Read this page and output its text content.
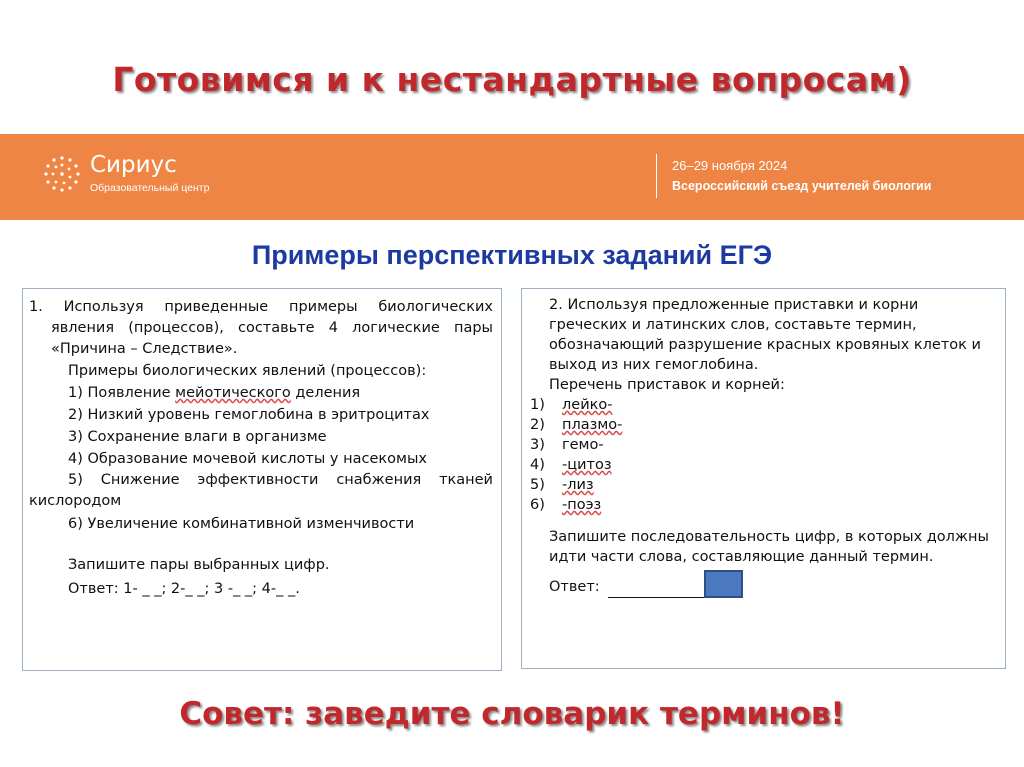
Готовимся и к нестандартные вопросам)
Сириус
Образовательный центр
26–29 ноября 2024
Всероссийский съезд учителей биологии
Примеры перспективных заданий ЕГЭ
1. Используя приведенные примеры биологических
явления (процессов), составьте 4 логические пары
«Причина – Следствие».
Примеры биологических явлений (процессов):
1) Появление мейотического деления
2) Низкий уровень гемоглобина в эритроцитах
3) Сохранение влаги в организме
4) Образование мочевой кислоты у насекомых
5) Снижение эффективности снабжения тканей
кислородом
6) Увеличение комбинативной изменчивости
Запишите пары выбранных цифр.
Ответ: 1- _ _; 2-_ _; 3 -_ _; 4-_ _.
2. Используя предложенные приставки и корни
греческих и латинских слов, составьте термин,
обозначающий разрушение красных кровяных клеток и
выход из них гемоглобина.
Перечень приставок и корней:
1) лейко-
2) плазмо-
3) гемо-
4) -цитоз
5) -лиз
6) -поэз
Запишите последовательность цифр, в которых должны
идти части слова, составляющие данный термин.
Ответ:
Совет: заведите словарик терминов!
